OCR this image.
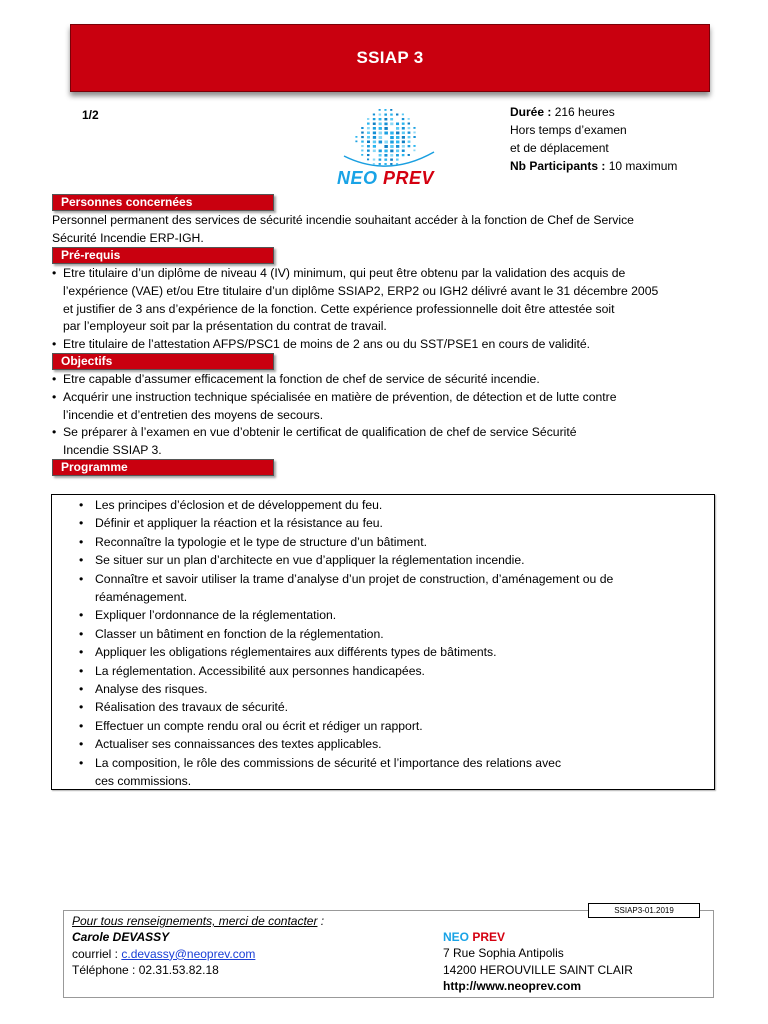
SSIAP 3
1/2
NEO PREV
Durée : 216 heures
Hors temps d’examen
et de déplacement
Nb Participants : 10 maximum
Personnes concernées
Personnel permanent des services de sécurité incendie souhaitant accéder à la fonction de Chef de Service
Sécurité Incendie ERP-IGH.
Pré-requis
• Etre titulaire d’un diplôme de niveau 4 (IV) minimum, qui peut être obtenu par la validation des acquis de
l’expérience (VAE) et/ou Etre titulaire d’un diplôme SSIAP2, ERP2 ou IGH2 délivré avant le 31 décembre 2005
et justifier de 3 ans d’expérience de la fonction. Cette expérience professionnelle doit être attestée soit
par l’employeur soit par la présentation du contrat de travail.
• Etre titulaire de l’attestation AFPS/PSC1 de moins de 2 ans ou du SST/PSE1 en cours de validité.
Objectifs
• Etre capable d’assumer efficacement la fonction de chef de service de sécurité incendie.
• Acquérir une instruction technique spécialisée en matière de prévention, de détection et de lutte contre
l’incendie et d’entretien des moyens de secours.
• Se préparer à l’examen en vue d’obtenir le certificat de qualification de chef de service Sécurité
Incendie SSIAP 3.
Programme
• Les principes d’éclosion et de développement du feu.
• Définir et appliquer la réaction et la résistance au feu.
• Reconnaître la typologie et le type de structure d’un bâtiment.
• Se situer sur un plan d’architecte en vue d’appliquer la réglementation incendie.
• Connaître et savoir utiliser la trame d’analyse d’un projet de construction, d’aménagement ou de
réaménagement.
• Expliquer l’ordonnance de la réglementation.
• Classer un bâtiment en fonction de la réglementation.
• Appliquer les obligations réglementaires aux différents types de bâtiments.
• La réglementation. Accessibilité aux personnes handicapées.
• Analyse des risques.
• Réalisation des travaux de sécurité.
• Effectuer un compte rendu oral ou écrit et rédiger un rapport.
• Actualiser ses connaissances des textes applicables.
• La composition, le rôle des commissions de sécurité et l’importance des relations avec
ces commissions.
SSIAP3-01.2019
Pour tous renseignements, merci de contacter :
Carole DEVASSY
courriel : c.devassy@neoprev.com
Téléphone : 02.31.53.82.18
NEO PREV
7 Rue Sophia Antipolis
14200 HEROUVILLE SAINT CLAIR
http://www.neoprev.com
